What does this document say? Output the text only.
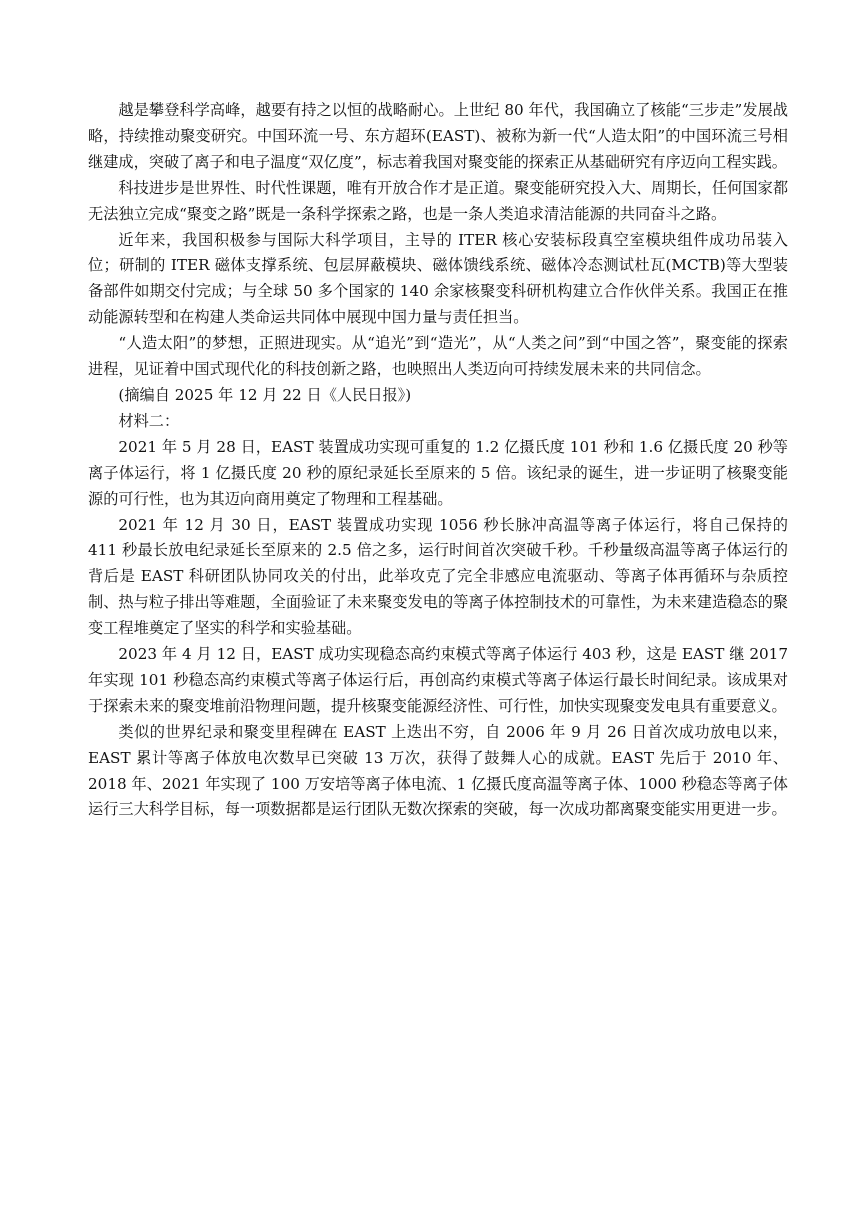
越是攀登科学高峰，越要有持之以恒的战略耐心。上世纪 80 年代，我国确立了核能“三步走”发展战略，持续推动聚变研究。中国环流一号、东方超环(EAST)、被称为新一代“人造太阳”的中国环流三号相继建成，突破了离子和电子温度“双亿度”，标志着我国对聚变能的探索正从基础研究有序迈向工程实践。

科技进步是世界性、时代性课题，唯有开放合作才是正道。聚变能研究投入大、周期长，任何国家都无法独立完成“聚变之路”既是一条科学探索之路，也是一条人类追求清洁能源的共同奋斗之路。

近年来，我国积极参与国际大科学项目，主导的 ITER 核心安装标段真空室模块组件成功吊装入位；研制的 ITER 磁体支撑系统、包层屏蔽模块、磁体馈线系统、磁体冷态测试杜瓦(MCTB)等大型装备部件如期交付完成；与全球 50 多个国家的 140 余家核聚变科研机构建立合作伙伴关系。我国正在推动能源转型和在构建人类命运共同体中展现中国力量与责任担当。

“人造太阳”的梦想，正照进现实。从“追光”到“造光”，从“人类之问”到“中国之答”，聚变能的探索进程，见证着中国式现代化的科技创新之路，也映照出人类迈向可持续发展未来的共同信念。

(摘编自 2025 年 12 月 22 日《人民日报》)

材料二：

2021 年 5 月 28 日，EAST 装置成功实现可重复的 1.2 亿摄氏度 101 秒和 1.6 亿摄氏度 20 秒等离子体运行，将 1 亿摄氏度 20 秒的原纪录延长至原来的 5 倍。该纪录的诞生，进一步证明了核聚变能源的可行性，也为其迈向商用奠定了物理和工程基础。

2021 年 12 月 30 日，EAST 装置成功实现 1056 秒长脉冲高温等离子体运行，将自己保持的 411 秒最长放电纪录延长至原来的 2.5 倍之多，运行时间首次突破千秒。千秒量级高温等离子体运行的背后是 EAST 科研团队协同攻关的付出，此举攻克了完全非感应电流驱动、等离子体再循环与杂质控制、热与粒子排出等难题，全面验证了未来聚变发电的等离子体控制技术的可靠性，为未来建造稳态的聚变工程堆奠定了坚实的科学和实验基础。

2023 年 4 月 12 日，EAST 成功实现稳态高约束模式等离子体运行 403 秒，这是 EAST 继 2017 年实现 101 秒稳态高约束模式等离子体运行后，再创高约束模式等离子体运行最长时间纪录。该成果对于探索未来的聚变堆前沿物理问题，提升核聚变能源经济性、可行性，加快实现聚变发电具有重要意义。

类似的世界纪录和聚变里程碑在 EAST 上迭出不穷，自 2006 年 9 月 26 日首次成功放电以来，EAST 累计等离子体放电次数早已突破 13 万次，获得了鼓舞人心的成就。EAST 先后于 2010 年、2018 年、2021 年实现了 100 万安培等离子体电流、1 亿摄氏度高温等离子体、1000 秒稳态等离子体运行三大科学目标，每一项数据都是运行团队无数次探索的突破，每一次成功都离聚变能实用更进一步。
